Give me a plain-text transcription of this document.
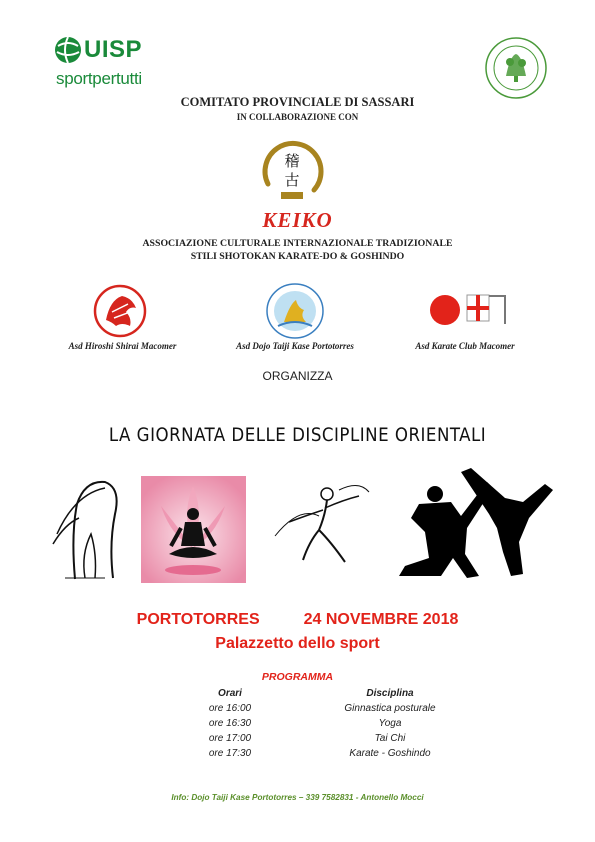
UISP
sportpertutti
COMITATO PROVINCIALE DI SASSARI
IN COLLABORAZIONE CON
稽
古
KEIKO
ASSOCIAZIONE CULTURALE INTERNAZIONALE TRADIZIONALE
STILI SHOTOKAN KARATE-DO & GOSHINDO
Asd Hiroshi Shirai Macomer	Asd Dojo Taiji Kase Portotorres	Asd Karate Club Macomer
ORGANIZZA
LA GIORNATA DELLE DISCIPLINE ORIENTALI
PORTOTORRES	24 NOVEMBRE 2018
Palazzetto dello sport
PROGRAMMA
Orari	Disciplina
ore 16:00	Ginnastica posturale
ore 16:30	Yoga
ore 17:00	Tai Chi
ore 17:30	Karate - Goshindo
Info: Dojo Taiji Kase Portotorres – 339 7582831 - Antonello Mocci
